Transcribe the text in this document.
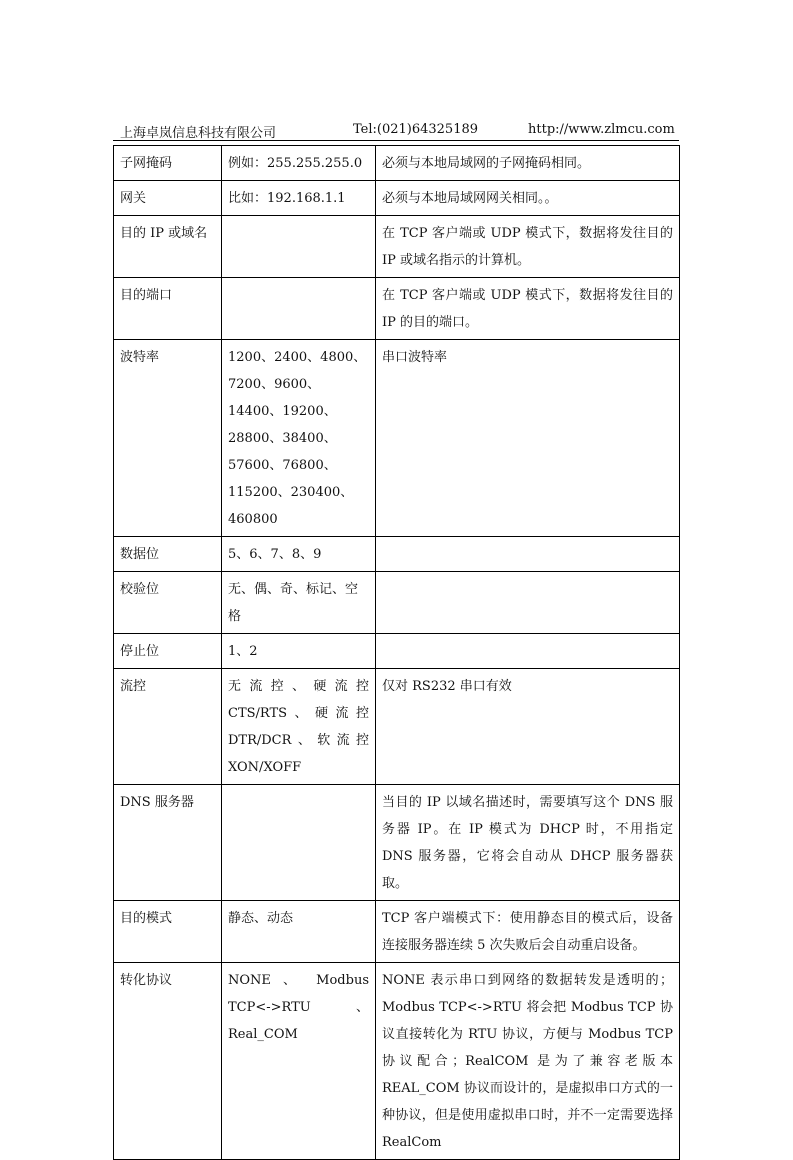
上海卓岚信息科技有限公司	Tel:(021)64325189	http://www.zlmcu.com
子网掩码	例如：255.255.255.0	必须与本地局域网的子网掩码相同。
网关	比如：192.168.1.1	必须与本地局域网网关相同。。
目的 IP 或域名		在 TCP 客户端或 UDP 模式下，数据将发往目的 IP 或域名指示的计算机。
目的端口		在 TCP 客户端或 UDP 模式下，数据将发往目的 IP 的目的端口。
波特率	1200、2400、4800、7200、9600、14400、19200、28800、38400、57600、76800、115200、230400、460800	串口波特率
数据位	5、6、7、8、9	
校验位	无、偶、奇、标记、空格	
停止位	1、2	
流控	无流控、硬流控 CTS/RTS、硬流控 DTR/DCR、软流控 XON/XOFF	仅对 RS232 串口有效
DNS 服务器		当目的 IP 以域名描述时，需要填写这个 DNS 服务器 IP。在 IP 模式为 DHCP 时，不用指定 DNS 服务器，它将会自动从 DHCP 服务器获取。
目的模式	静态、动态	TCP 客户端模式下：使用静态目的模式后，设备连接服务器连续 5 次失败后会自动重启设备。
转化协议	NONE 、 Modbus TCP<->RTU、Real_COM	NONE 表示串口到网络的数据转发是透明的；Modbus TCP<->RTU 将会把 Modbus TCP 协议直接转化为 RTU 协议，方便与 Modbus TCP 协议配合；RealCOM 是为了兼容老版本 REAL_COM 协议而设计的，是虚拟串口方式的一种协议，但是使用虚拟串口时，并不一定需要选择 RealCom
